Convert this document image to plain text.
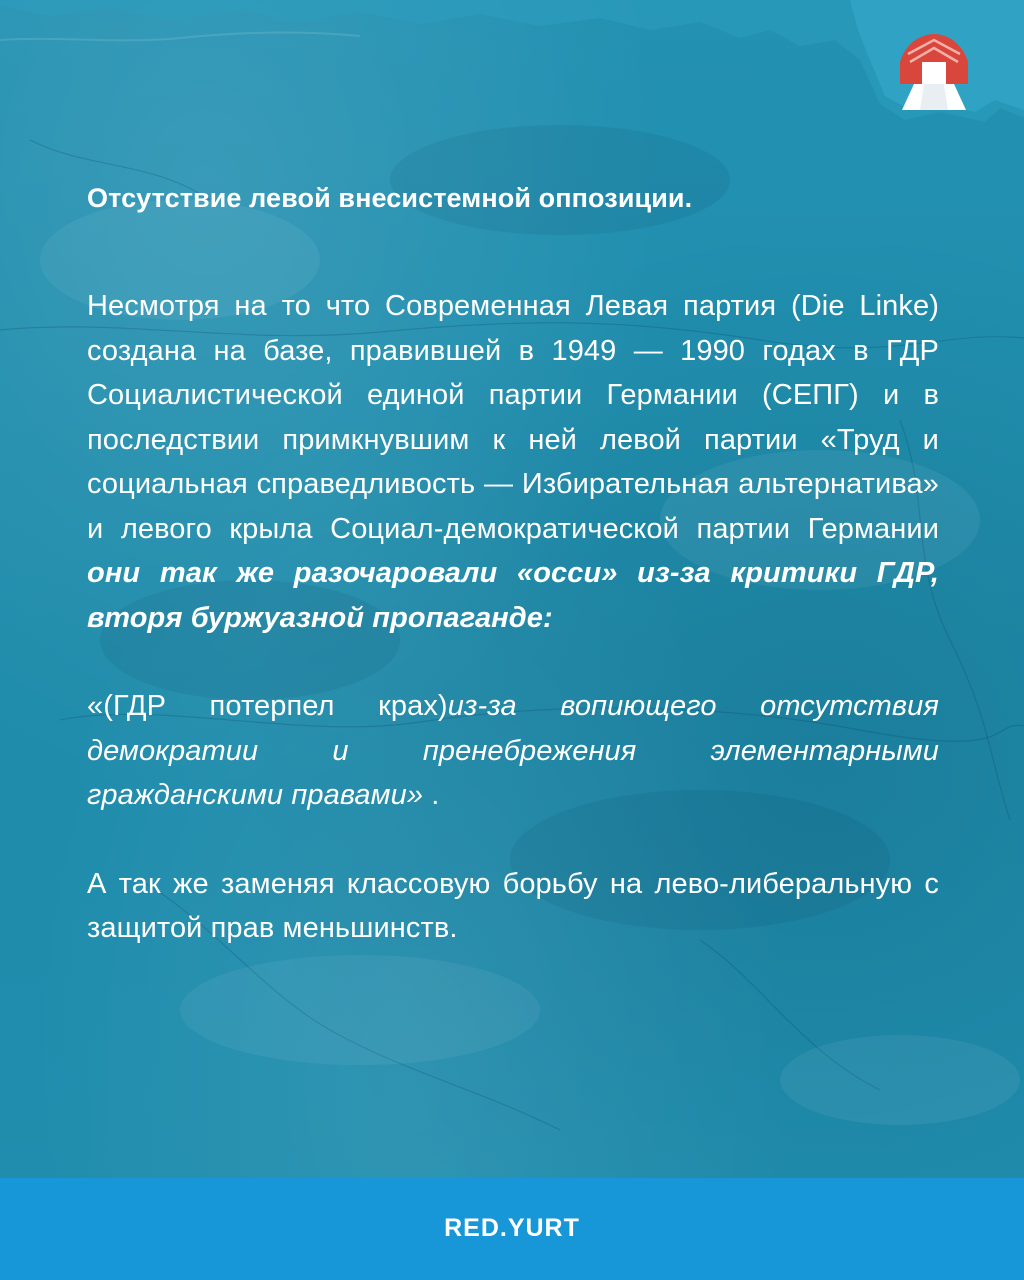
Отсутствие левой внесистемной оппозиции.

Несмотря на то что Современная Левая партия (Die Linke) создана на базе, правившей в 1949 — 1990 годах в ГДР Социалистической единой партии Германии (СЕПГ) и в последствии примкнувшим к ней левой партии «Труд и социальная справедливость — Избирательная альтернатива» и левого крыла Социал-демократической партии Германии они так же разочаровали «осси» из-за критики ГДР, вторя буржуазной пропаганде:

«(ГДР потерпел крах)из-за вопиющего отсутствия демократии и пренебрежения элементарными гражданскими правами» .

А так же заменяя классовую борьбу на лево-либеральную с защитой прав меньшинств.

RED.YURT
